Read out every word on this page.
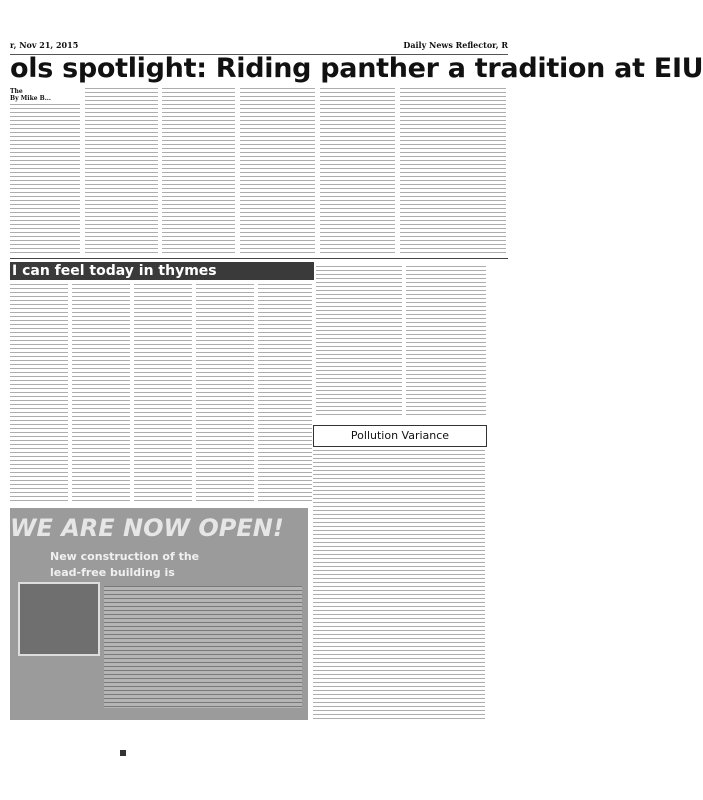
r, Nov 21, 2015	Daily News Reflector, R
ols spotlight: Riding panther a tradition at EIU
The
By Mike B...
I can feel today in thymes
Pollution Variance
WE ARE NOW OPEN!
New construction of the
lead-free building is
